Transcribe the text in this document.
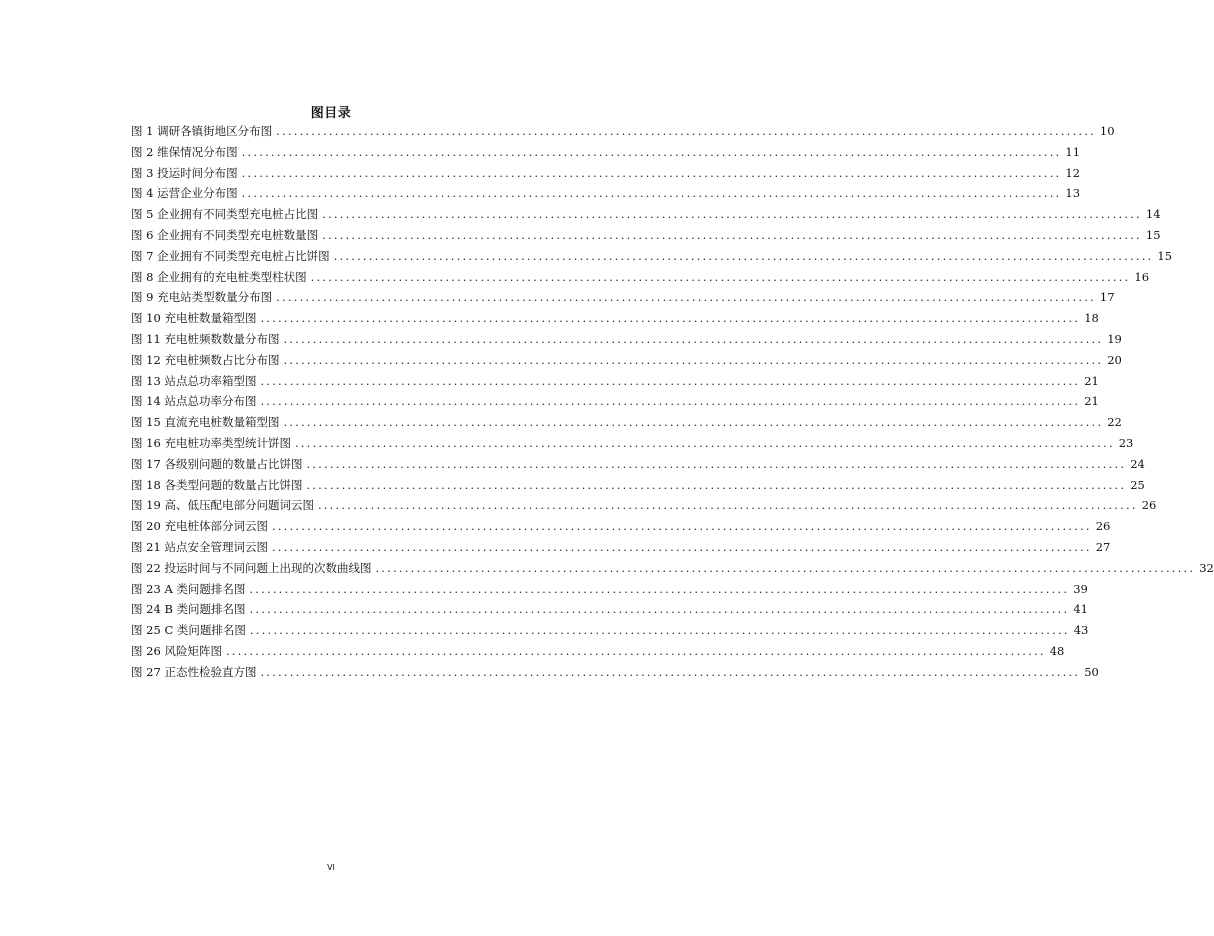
图目录
图 1 调研各镇街地区分布图 ............................................................................................................................................ 10
图 2 维保情况分布图 ............................................................................................................................................ 11
图 3 投运时间分布图 ............................................................................................................................................ 12
图 4 运营企业分布图 ............................................................................................................................................ 13
图 5 企业拥有不同类型充电桩占比图 ............................................................................................................................................ 14
图 6 企业拥有不同类型充电桩数量图 ............................................................................................................................................ 15
图 7 企业拥有不同类型充电桩占比饼图 ............................................................................................................................................ 15
图 8 企业拥有的充电桩类型柱状图 ............................................................................................................................................ 16
图 9 充电站类型数量分布图 ............................................................................................................................................ 17
图 10 充电桩数量箱型图 ............................................................................................................................................ 18
图 11 充电桩频数数量分布图 ............................................................................................................................................ 19
图 12 充电桩频数占比分布图 ............................................................................................................................................ 20
图 13 站点总功率箱型图 ............................................................................................................................................ 21
图 14 站点总功率分布图 ............................................................................................................................................ 21
图 15 直流充电桩数量箱型图 ............................................................................................................................................ 22
图 16 充电桩功率类型统计饼图 ............................................................................................................................................ 23
图 17 各级别问题的数量占比饼图 ............................................................................................................................................ 24
图 18 各类型问题的数量占比饼图 ............................................................................................................................................ 25
图 19 高、低压配电部分问题词云图 ............................................................................................................................................ 26
图 20 充电桩体部分词云图 ............................................................................................................................................ 26
图 21 站点安全管理词云图 ............................................................................................................................................ 27
图 22 投运时间与不同问题上出现的次数曲线图 ............................................................................................................................................ 32
图 23 A 类问题排名图 ............................................................................................................................................ 39
图 24 B 类问题排名图 ............................................................................................................................................ 41
图 25 C 类问题排名图 ............................................................................................................................................ 43
图 26 风险矩阵图 ............................................................................................................................................ 48
图 27 正态性检验直方图 ............................................................................................................................................ 50
VI
